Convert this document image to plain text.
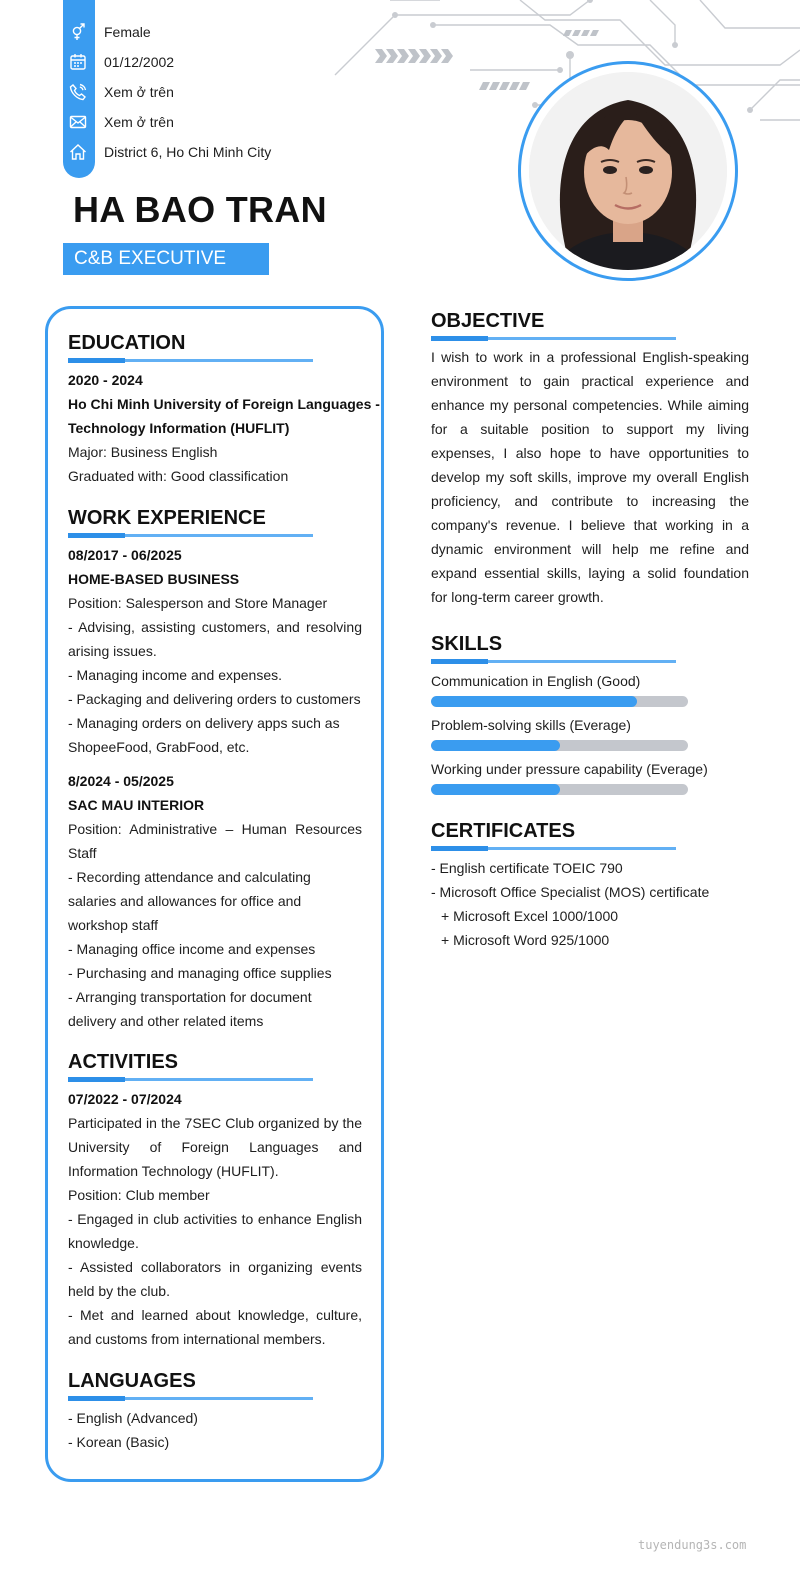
Female
01/12/2002
Xem ở trên
Xem ở trên
District 6, Ho Chi Minh City
HA BAO TRAN
C&B EXECUTIVE
EDUCATION
2020 - 2024
Ho Chi Minh University of Foreign Languages -
Technology Information (HUFLIT)
Major: Business English
Graduated with: Good classification
WORK EXPERIENCE
08/2017 - 06/2025
HOME-BASED BUSINESS
Position: Salesperson and Store Manager
- Advising, assisting customers, and resolving
arising issues.
- Managing income and expenses.
- Packaging and delivering orders to customers
- Managing orders on delivery apps such as
ShopeeFood, GrabFood, etc.
8/2024 - 05/2025
SAC MAU INTERIOR
Position: Administrative – Human Resources
Staff
- Recording attendance and calculating
salaries and allowances for office and
workshop staff
- Managing office income and expenses
- Purchasing and managing office supplies
- Arranging transportation for document
delivery and other related items
ACTIVITIES
07/2022 - 07/2024
Participated in the 7SEC Club organized by the
University of Foreign Languages and
Information Technology (HUFLIT).
Position: Club member
- Engaged in club activities to enhance English
knowledge.
- Assisted collaborators in organizing events
held by the club.
- Met and learned about knowledge, culture,
and customs from international members.
LANGUAGES
- English (Advanced)
- Korean (Basic)
OBJECTIVE
I wish to work in a professional English-speaking
environment to gain practical experience and
enhance my personal competencies. While aiming
for a suitable position to support my living
expenses, I also hope to have opportunities to
develop my soft skills, improve my overall English
proficiency, and contribute to increasing the
company's revenue. I believe that working in a
dynamic environment will help me refine and
expand essential skills, laying a solid foundation
for long-term career growth.
SKILLS
Communication in English (Good)
Problem-solving skills (Everage)
Working under pressure capability (Everage)
CERTIFICATES
- English certificate TOEIC 790
- Microsoft Office Specialist (MOS) certificate
+ Microsoft Excel 1000/1000
+ Microsoft Word 925/1000
tuyendung3s.com
